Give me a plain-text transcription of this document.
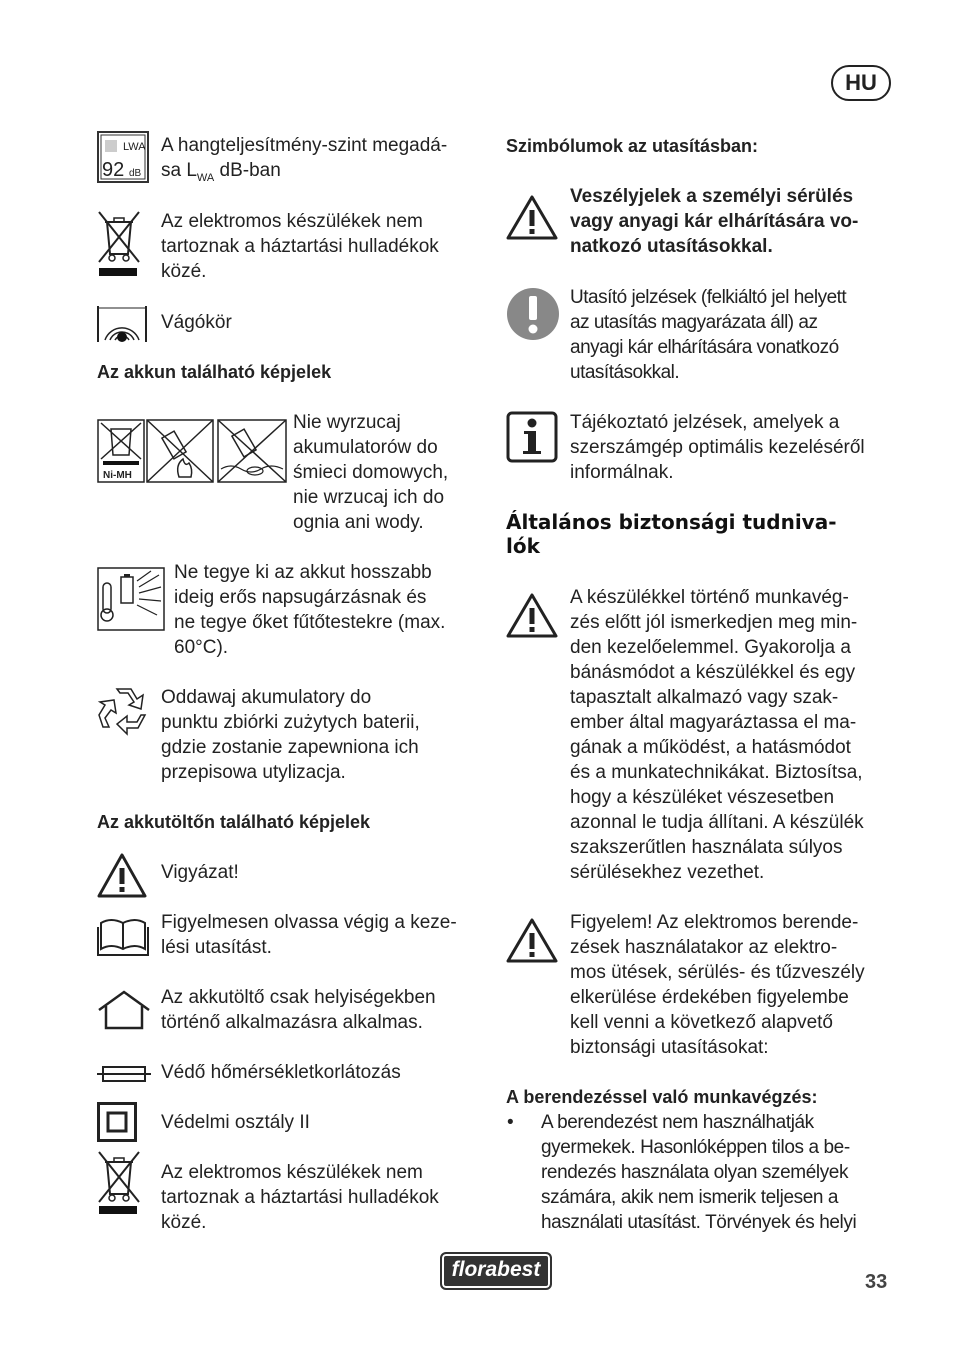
HU
LWA
92 dB
A hangteljesítmény-szint megadá-
sa $L_{WA}$ dB-ban
Az elektromos készülékek nem
tartoznak a háztartási hulladékok
közé.
Vágókör
Az akkun található képjelek
Ni-MH
Nie wyrzucaj
akumulatorów do
śmieci domowych,
nie wrzucaj ich do
ognia ani wody.
Ne tegye ki az akkut hosszabb
ideig erős napsugárzásnak és
ne tegye őket fűtőtestekre (max.
60°C).
Oddawaj akumulatory do
punktu zbiórki zużytych baterii,
gdzie zostanie zapewniona ich
przepisowa utylizacja.
Az akkutöltőn található képjelek
Vigyázat!
Figyelmesen olvassa végig a keze-
lési utasítást.
Az akkutöltő csak helyiségekben
történő alkalmazásra alkalmas.
Védő hőmérsékletkorlátozás
Védelmi osztály II
Az elektromos készülékek nem
tartoznak a háztartási hulladékok
közé.
Szimbólumok az utasításban:
Veszélyjelek a személyi sérülés
vagy anyagi kár elhárítására vo-
natkozó utasításokkal.
Utasító jelzések (felkiáltó jel helyett
az utasítás magyarázata áll) az
anyagi kár elhárítására vonatkozó
utasításokkal.
Tájékoztató jelzések, amelyek a
szerszámgép optimális kezeléséről
informálnak.
Általános biztonsági tudniva-
lók
A készülékkel történő munkavég-
zés előtt jól ismerkedjen meg min-
den kezelőelemmel. Gyakorolja a
bánásmódot a készülékkel és egy
tapasztalt alkalmazó vagy szak-
ember által magyaráztassa el ma-
gának a működést, a hatásmódot
és a munkatechnikákat. Biztosítsa,
hogy a készüléket vészesetben
azonnal le tudja állítani. A készülék
szakszerűtlen használata súlyos
sérülésekhez vezethet.
Figyelem! Az elektromos berende-
zések használatakor az elektro-
mos ütések, sérülés- és tűzveszély
elkerülése érdekében figyelembe
kell venni a következő alapvető
biztonsági utasításokat:
A berendezéssel való munkavégzés:
• A berendezést nem használhatják
gyermekek. Hasonlóképpen tilos a be-
rendezés használata olyan személyek
számára, akik nem ismerik teljesen a
használati utasítást. Törvények és helyi
florabest
33
